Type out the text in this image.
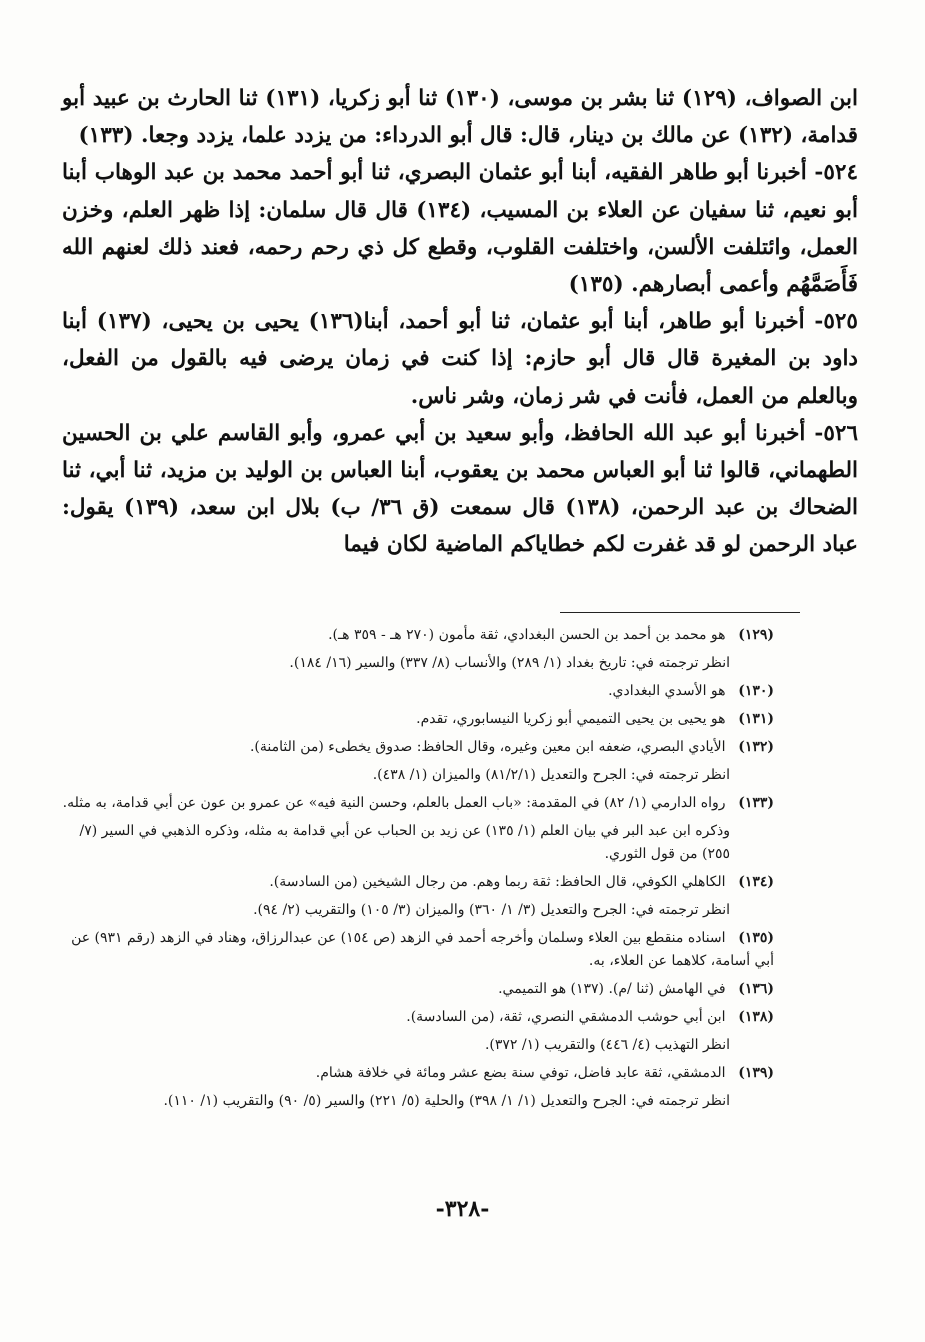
ابن الصواف، (١٢٩) ثنا بشر بن موسى، (١٣٠) ثنا أبو زكريا، (١٣١) ثنا الحارث بن عبيد أبو قدامة، (١٣٢) عن مالك بن دينار، قال: قال أبو الدرداء: من يزدد علما، يزدد وجعا. (١٣٣)

٥٢٤- أخبرنا أبو طاهر الفقيه، أبنا أبو عثمان البصري، ثنا أبو أحمد محمد بن عبد الوهاب أبنا أبو نعيم، ثنا سفيان عن العلاء بن المسيب، (١٣٤) قال قال سلمان: إذا ظهر العلم، وخزن العمل، وائتلفت الألسن، واختلفت القلوب، وقطع كل ذي رحم رحمه، فعند ذلك لعنهم الله فَأَصَمَّهُم وأعمى أبصارهم. (١٣٥)

٥٢٥- أخبرنا أبو طاهر، أبنا أبو عثمان، ثنا أبو أحمد، أبنا(١٣٦) يحيى بن يحيى، (١٣٧) أبنا داود بن المغيرة قال قال أبو حازم: إذا كنت في زمان يرضى فيه بالقول من الفعل، وبالعلم من العمل، فأنت في شر زمان، وشر ناس.

٥٢٦- أخبرنا أبو عبد الله الحافظ، وأبو سعيد بن أبي عمرو، وأبو القاسم علي بن الحسين الطهماني، قالوا ثنا أبو العباس محمد بن يعقوب، أبنا العباس بن الوليد بن مزيد، ثنا أبي، ثنا الضحاك بن عبد الرحمن، (١٣٨) قال سمعت (ق ٣٦/ ب) بلال ابن سعد، (١٣٩) يقول: عباد الرحمن لو قد غفرت لكم خطاياكم الماضية لكان فيما

(١٢٩) هو محمد بن أحمد بن الحسن البغدادي، ثقة مأمون (٢٧٠ هـ - ٣٥٩ هـ).
انظر ترجمته في: تاريخ بغداد (١/ ٢٨٩) والأنساب (٨/ ٣٣٧) والسير (١٦/ ١٨٤).
(١٣٠) هو الأسدي البغدادي.
(١٣١) هو يحيى بن يحيى التميمي أبو زكريا النيسابوري، تقدم.
(١٣٢) الأيادي البصري، ضعفه ابن معين وغيره، وقال الحافظ: صدوق يخطىء (من الثامنة).
انظر ترجمته في: الجرح والتعديل (٨١/٢/١) والميزان (١/ ٤٣٨).
(١٣٣) رواه الدارمي (١/ ٨٢) في المقدمة: «باب العمل بالعلم، وحسن النية فيه» عن عمرو بن عون عن أبي قدامة، به مثله.
وذكره ابن عبد البر في بيان العلم (١/ ١٣٥) عن زيد بن الحباب عن أبي قدامة به مثله، وذكره الذهبي في السير (٧/ ٢٥٥) من قول الثوري.
(١٣٤) الكاهلي الكوفي، قال الحافظ: ثقة ربما وهم. من رجال الشيخين (من السادسة).
انظر ترجمته في: الجرح والتعديل (٣/ ١/ ٣٦٠) والميزان (٣/ ١٠٥) والتقريب (٢/ ٩٤).
(١٣٥) اسناده منقطع بين العلاء وسلمان وأخرجه أحمد في الزهد (ص ١٥٤) عن عبدالرزاق، وهناد في الزهد (رقم ٩٣١) عن أبي أسامة، كلاهما عن العلاء، به.
(١٣٦) في الهامش (ثنا /م). (١٣٧) هو التميمي.
(١٣٨) ابن أبي حوشب الدمشقي النصري، ثقة، (من السادسة).
انظر التهذيب (٤/ ٤٤٦) والتقريب (١/ ٣٧٢).
(١٣٩) الدمشقي، ثقة عابد فاضل، توفي سنة بضع عشر ومائة في خلافة هشام.
انظر ترجمته في: الجرح والتعديل (١/ ١/ ٣٩٨) والحلية (٥/ ٢٢١) والسير (٥/ ٩٠) والتقريب (١/ ١١٠).
-٣٢٨-
